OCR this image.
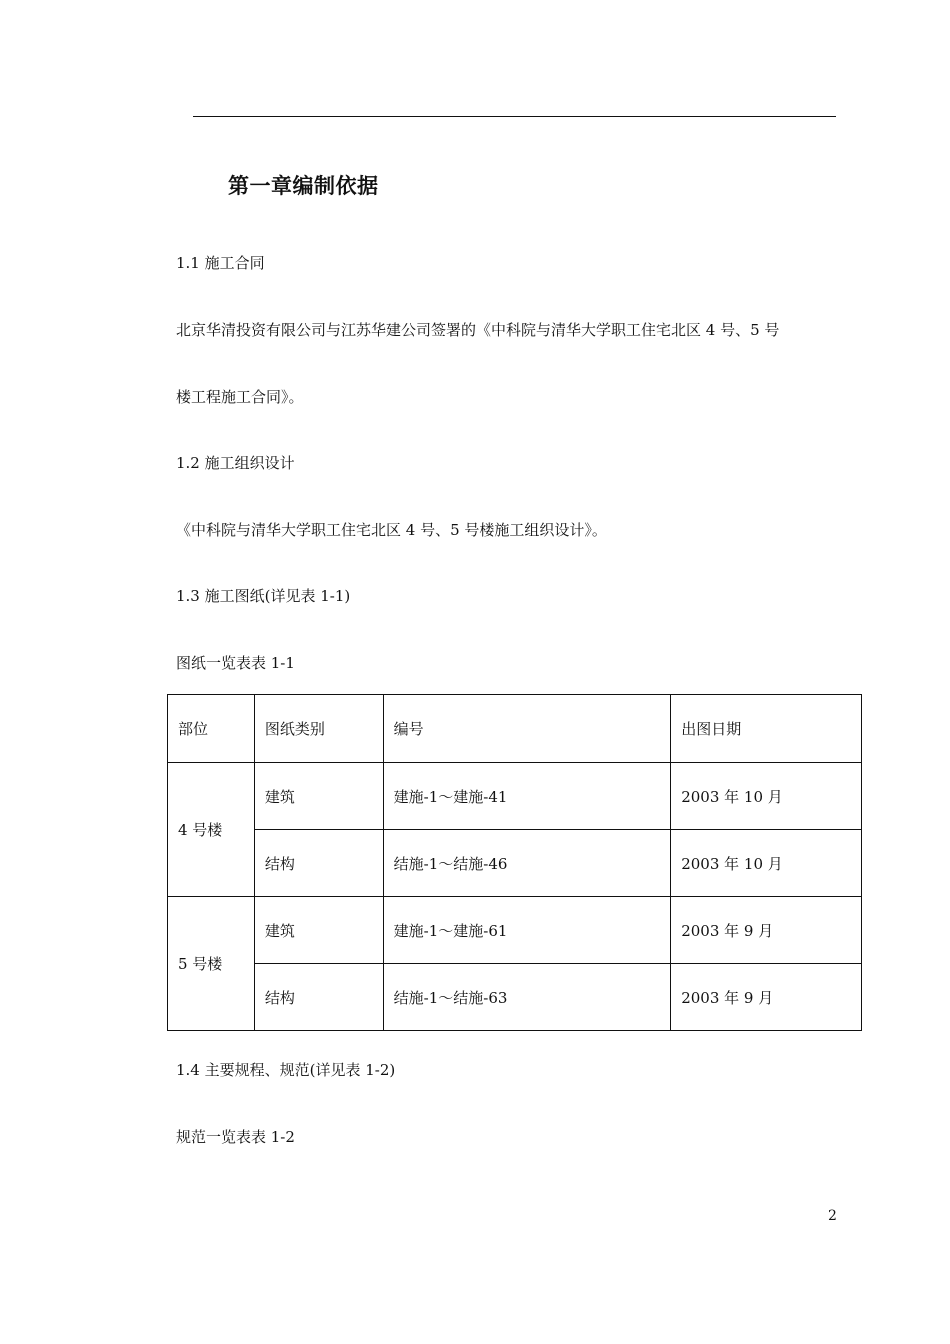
第一章编制依据
1.1 施工合同
北京华清投资有限公司与江苏华建公司签署的《中科院与清华大学职工住宅北区 4 号、5 号
楼工程施工合同》。
1.2 施工组织设计
《中科院与清华大学职工住宅北区 4 号、5 号楼施工组织设计》。
1.3 施工图纸(详见表 1-1)
图纸一览表表 1-1
部位	图纸类别	编号	出图日期
4 号楼	建筑	建施-1～建施-41	2003 年 10 月
	结构	结施-1～结施-46	2003 年 10 月
5 号楼	建筑	建施-1～建施-61	2003 年 9 月
	结构	结施-1～结施-63	2003 年 9 月
1.4 主要规程、规范(详见表 1-2)
规范一览表表 1-2
2
